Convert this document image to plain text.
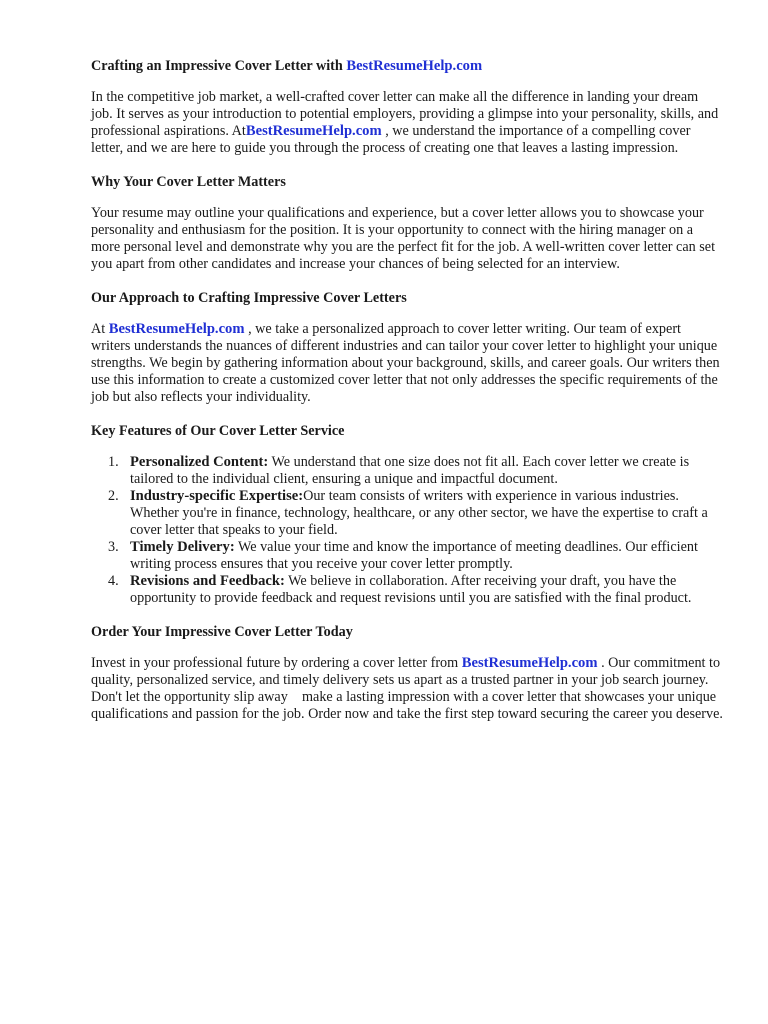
Crafting an Impressive Cover Letter with BestResumeHelp.com

In the competitive job market, a well-crafted cover letter can make all the difference in landing your dream job. It serves as your introduction to potential employers, providing a glimpse into your personality, skills, and professional aspirations. AtBestResumeHelp.com , we understand the importance of a compelling cover letter, and we are here to guide you through the process of creating one that leaves a lasting impression.

Why Your Cover Letter Matters

Your resume may outline your qualifications and experience, but a cover letter allows you to showcase your personality and enthusiasm for the position. It is your opportunity to connect with the hiring manager on a more personal level and demonstrate why you are the perfect fit for the job. A well-written cover letter can set you apart from other candidates and increase your chances of being selected for an interview.

Our Approach to Crafting Impressive Cover Letters

At BestResumeHelp.com , we take a personalized approach to cover letter writing. Our team of expert writers understands the nuances of different industries and can tailor your cover letter to highlight your unique strengths. We begin by gathering information about your background, skills, and career goals. Our writers then use this information to create a customized cover letter that not only addresses the specific requirements of the job but also reflects your individuality.

Key Features of Our Cover Letter Service
1. Personalized Content: We understand that one size does not fit all. Each cover letter we create is tailored to the individual client, ensuring a unique and impactful document.
2. Industry-specific Expertise:Our team consists of writers with experience in various industries. Whether you're in finance, technology, healthcare, or any other sector, we have the expertise to craft a cover letter that speaks to your field.
3. Timely Delivery: We value your time and know the importance of meeting deadlines. Our efficient writing process ensures that you receive your cover letter promptly.
4. Revisions and Feedback: We believe in collaboration. After receiving your draft, you have the opportunity to provide feedback and request revisions until you are satisfied with the final product.
Order Your Impressive Cover Letter Today

Invest in your professional future by ordering a cover letter from BestResumeHelp.com . Our commitment to quality, personalized service, and timely delivery sets us apart as a trusted partner in your job search journey. Don't let the opportunity slip away    make a lasting impression with a cover letter that showcases your unique qualifications and passion for the job. Order now and take the first step toward securing the career you deserve.
